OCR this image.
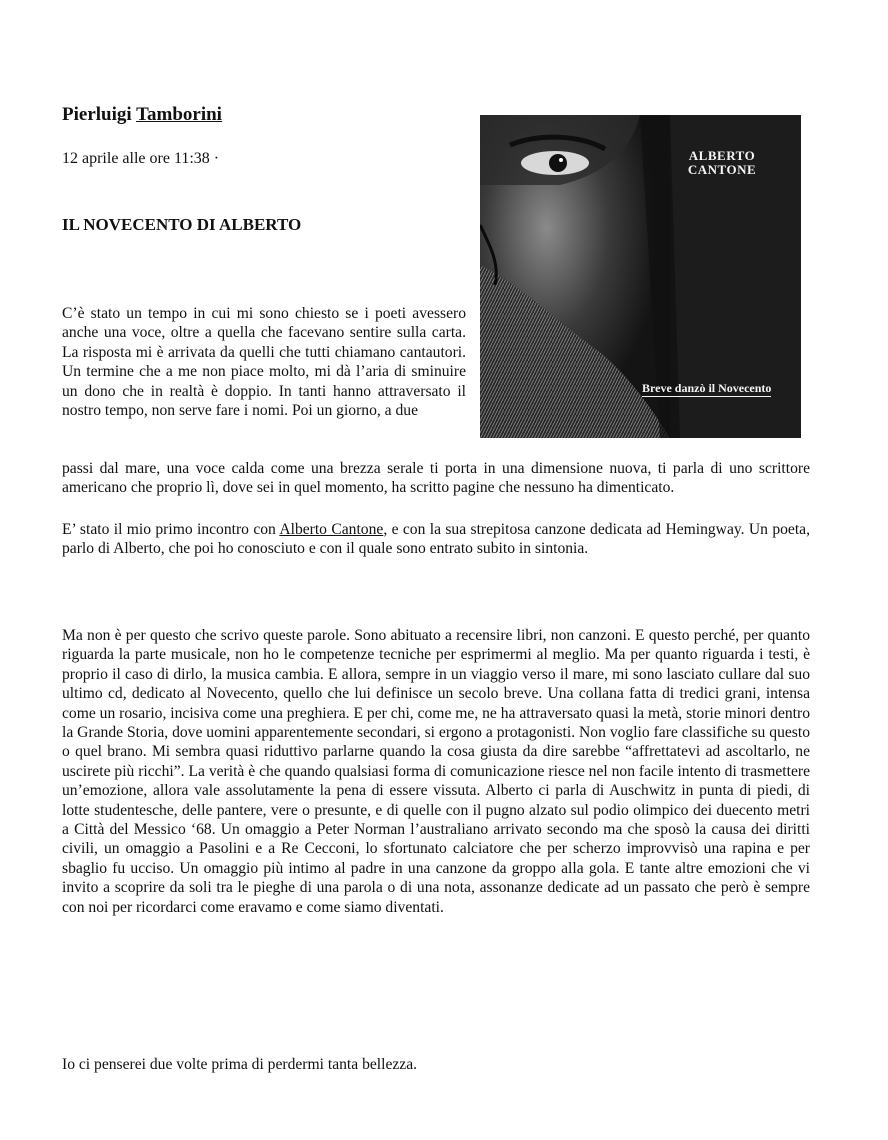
Pierluigi Tamborini

12 aprile alle ore 11:38 ·

IL NOVECENTO DI ALBERTO

ALBERTO CANTONE
Breve danzò il Novecento

C’è stato un tempo in cui mi sono chiesto se i poeti avessero anche una voce, oltre a quella che facevano sentire sulla carta. La risposta mi è arrivata da quelli che tutti chiamano cantautori. Un termine che a me non piace molto, mi dà l’aria di sminuire un dono che in realtà è doppio. In tanti hanno attraversato il nostro tempo, non serve fare i nomi. Poi un giorno, a due

passi dal mare, una voce calda come una brezza serale ti porta in una dimensione nuova, ti parla di uno scrittore americano che proprio lì, dove sei in quel momento, ha scritto pagine che nessuno ha dimenticato.

E’ stato il mio primo incontro con Alberto Cantone, e con la sua strepitosa canzone dedicata ad Hemingway. Un poeta, parlo di Alberto, che poi ho conosciuto e con il quale sono entrato subito in sintonia.

Ma non è per questo che scrivo queste parole. Sono abituato a recensire libri, non canzoni. E questo perché, per quanto riguarda la parte musicale, non ho le competenze tecniche per esprimermi al meglio. Ma per quanto riguarda i testi, è proprio il caso di dirlo, la musica cambia. E allora, sempre in un viaggio verso il mare, mi sono lasciato cullare dal suo ultimo cd, dedicato al Novecento, quello che lui definisce un secolo breve. Una collana fatta di tredici grani, intensa come un rosario, incisiva come una preghiera. E per chi, come me, ne ha attraversato quasi la metà, storie minori dentro la Grande Storia, dove uomini apparentemente secondari, si ergono a protagonisti. Non voglio fare classifiche su questo o quel brano. Mi sembra quasi riduttivo parlarne quando la cosa giusta da dire sarebbe “affrettatevi ad ascoltarlo, ne uscirete più ricchi”. La verità è che quando qualsiasi forma di comunicazione riesce nel non facile intento di trasmettere un’emozione, allora vale assolutamente la pena di essere vissuta. Alberto ci parla di Auschwitz in punta di piedi, di lotte studentesche, delle pantere, vere o presunte, e di quelle con il pugno alzato sul podio olimpico dei duecento metri a Città del Messico ‘68. Un omaggio a Peter Norman l’australiano arrivato secondo ma che sposò la causa dei diritti civili, un omaggio a Pasolini e a Re Cecconi, lo sfortunato calciatore che per scherzo improvvisò una rapina e per sbaglio fu ucciso. Un omaggio più intimo al padre in una canzone da groppo alla gola. E tante altre emozioni che vi invito a scoprire da soli tra le pieghe di una parola o di una nota, assonanze dedicate ad un passato che però è sempre con noi per ricordarci come eravamo e come siamo diventati.

Io ci penserei due volte prima di perdermi tanta bellezza.
